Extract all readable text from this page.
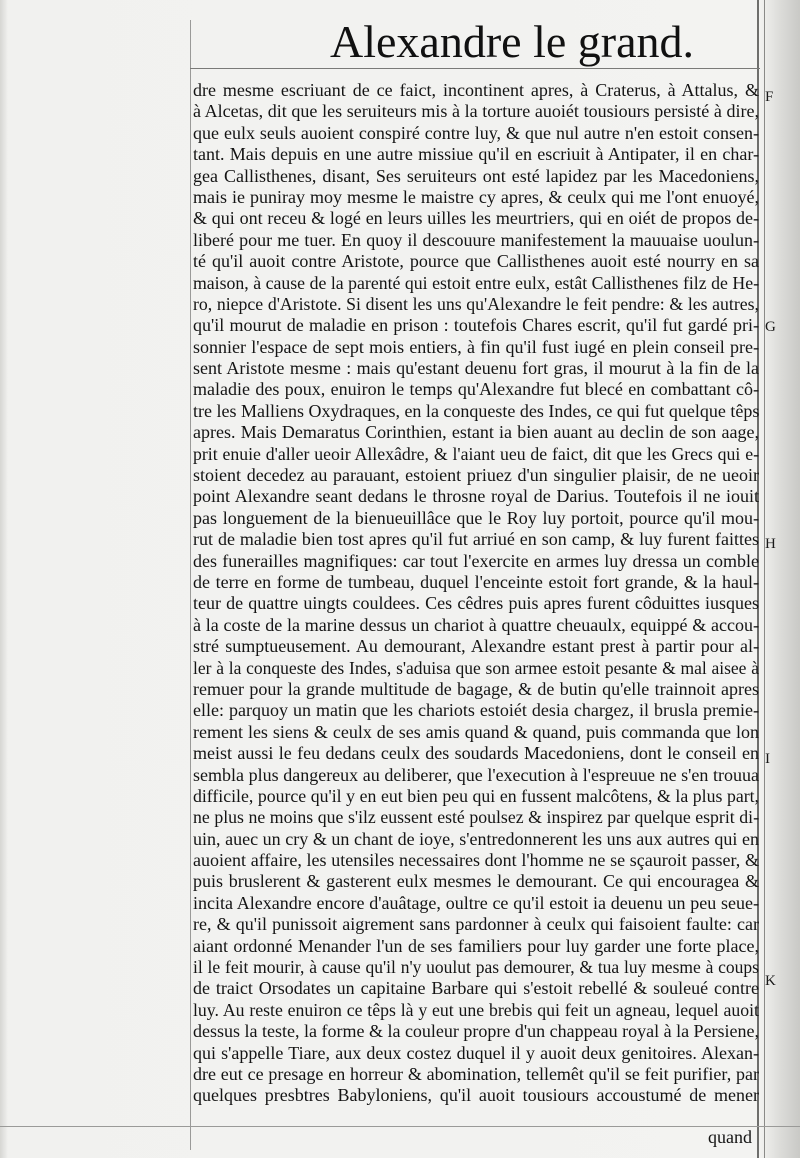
Alexandre le grand.
dre mesme escriuant de ce faict, incontinent apres, à Craterus, à Attalus, &
à Alcetas, dit que les seruiteurs mis à la torture auoiét tousiours persisté à dire,
que eulx seuls auoient conspiré contre luy, & que nul autre n'en estoit consen-
tant. Mais depuis en une autre missiue qu'il en escriuit à Antipater, il en char-
gea Callisthenes, disant, Ses seruiteurs ont esté lapidez par les Macedoniens,
mais ie puniray moy mesme le maistre cy apres, & ceulx qui me l'ont enuoyé,
& qui ont receu & logé en leurs uilles les meurtriers, qui en oiét de propos de-
liberé pour me tuer. En quoy il descouure manifestement la mauuaise uoulun-
té qu'il auoit contre Aristote, pource que Callisthenes auoit esté nourry en sa
maison, à cause de la parenté qui estoit entre eulx, estât Callisthenes filz de He-
ro, niepce d'Aristote. Si disent les uns qu'Alexandre le feit pendre: & les autres,
qu'il mourut de maladie en prison : toutefois Chares escrit, qu'il fut gardé pri-
sonnier l'espace de sept mois entiers, à fin qu'il fust iugé en plein conseil pre-
sent Aristote mesme : mais qu'estant deuenu fort gras, il mourut à la fin de la
maladie des poux, enuiron le temps qu'Alexandre fut blecé en combattant cô-
tre les Malliens Oxydraques, en la conqueste des Indes, ce qui fut quelque têps
apres. Mais Demaratus Corinthien, estant ia bien auant au declin de son aage,
prit enuie d'aller ueoir Allexâdre, & l'aiant ueu de faict, dit que les Grecs qui e-
stoient decedez au parauant, estoient priuez d'un singulier plaisir, de ne ueoir
point Alexandre seant dedans le throsne royal de Darius. Toutefois il ne iouit
pas longuement de la bienueuillâce que le Roy luy portoit, pource qu'il mou-
rut de maladie bien tost apres qu'il fut arriué en son camp, & luy furent faittes
des funerailles magnifiques: car tout l'exercite en armes luy dressa un comble
de terre en forme de tumbeau, duquel l'enceinte estoit fort grande, & la haul-
teur de quattre uingts couldees. Ces cêdres puis apres furent côduittes iusques
à la coste de la marine dessus un chariot à quattre cheuaulx, equippé & accou-
stré sumptueusement. Au demourant, Alexandre estant prest à partir pour al-
ler à la conqueste des Indes, s'aduisa que son armee estoit pesante & mal aisee à
remuer pour la grande multitude de bagage, & de butin qu'elle trainnoit apres
elle: parquoy un matin que les chariots estoiét desia chargez, il brusla premie-
rement les siens & ceulx de ses amis quand & quand, puis commanda que lon
meist aussi le feu dedans ceulx des soudards Macedoniens, dont le conseil en
sembla plus dangereux au deliberer, que l'execution à l'espreuue ne s'en trouua
difficile, pource qu'il y en eut bien peu qui en fussent malcôtens, & la plus part,
ne plus ne moins que s'ilz eussent esté poulsez & inspirez par quelque esprit di-
uin, auec un cry & un chant de ioye, s'entredonnerent les uns aux autres qui en
auoient affaire, les utensiles necessaires dont l'homme ne se sçauroit passer, &
puis bruslerent & gasterent eulx mesmes le demourant. Ce qui encouragea &
incita Alexandre encore d'auâtage, oultre ce qu'il estoit ia deuenu un peu seue-
re, & qu'il punissoit aigrement sans pardonner à ceulx qui faisoient faulte: car
aiant ordonné Menander l'un de ses familiers pour luy garder une forte place,
il le feit mourir, à cause qu'il n'y uoulut pas demourer, & tua luy mesme à coups
de traict Orsodates un capitaine Barbare qui s'estoit rebellé & souleué contre
luy. Au reste enuiron ce têps là y eut une brebis qui feit un agneau, lequel auoit
dessus la teste, la forme & la couleur propre d'un chappeau royal à la Persiene,
qui s'appelle Tiare, aux deux costez duquel il y auoit deux genitoires. Alexan-
dre eut ce presage en horreur & abomination, tellemêt qu'il se feit purifier, par
quelques presbtres Babyloniens, qu'il auoit tousiours accoustumé de mener
F
G
H
I
K
quand
